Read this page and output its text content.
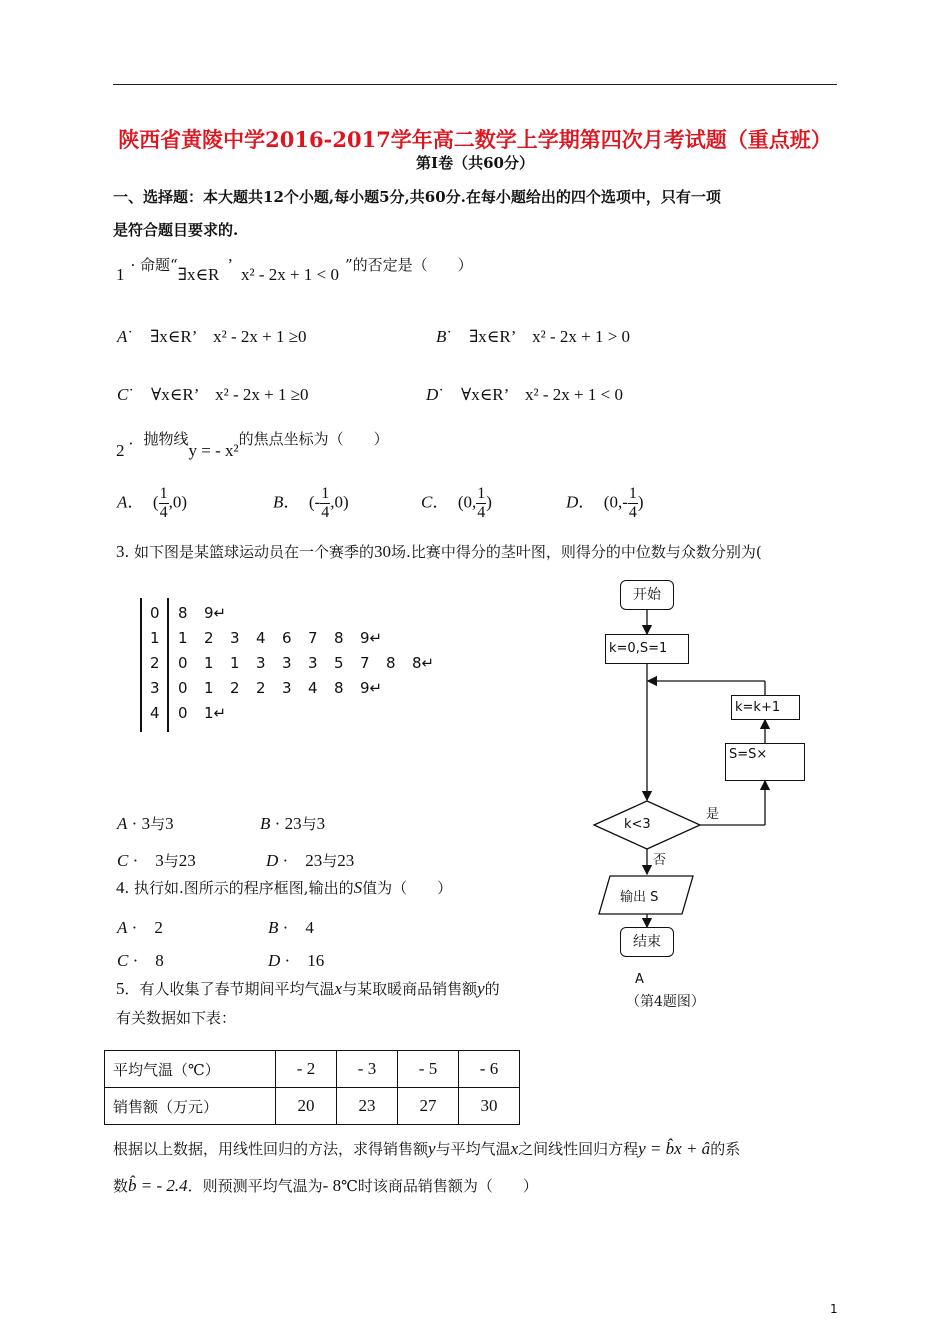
陕西省黄陵中学2016-2017学年高二数学上学期第四次月考试题（重点班）
第Ⅰ卷（共60分）
一、选择题：本大题共12个小题,每小题5分,共60分.在每小题给出的四个选项中，只有一项
是符合题目要求的.
1 · 命题“∃x∈R’x² - 2x + 1 < 0 ”的否定是（　　）
A˙　∃x∈R’　x² - 2x + 1 ≥0	B˙　∃x∈R’　x² - 2x + 1 > 0
C˙　∀x∈R’　x² - 2x + 1 ≥0	D˙　∀x∈R’　x² - 2x + 1 < 0
2．抛物线y = - x²的焦点坐标为（　　）
A．　( $\frac{1}{4} ,0$)	B．　(- $\frac{1}{4} ,0$)	C．　(0, $\frac{1}{4}$ )	D．　($0,- \frac{1}{4}$ )
3. 如下图是某篮球运动员在一个赛季的30场.比赛中得分的茎叶图，则得分的中位数与众数分别为(
0 8 9↵
1 1 2 3 4 6 7 8 9↵
2 0 1 1 3 3 3 5 7 8 8↵
3 0 1 2 2 3 4 8 9↵
4 0 1↵
A · 3与3	B · 23与3
C ·　3与23	D ·　23与23
4. 执行如.图所示的程序框图,输出的S值为（　　）
A ·　2	B ·　4
C ·　8	D ·　16
开始
k=0,S=1
k=k+1
S=S×
k<3
是
否
输出 S
结束
A
（第4题图）
5．有人收集了春节期间平均气温x与某取暖商品销售额y的
有关数据如下表：
平均气温（℃）	- 2	- 3	- 5	- 6
销售额（万元）	20	23	27	30
根据以上数据，用线性回归的方法，求得销售额y与平均气温x之间线性回归方程y = b̂x + â的系
数b̂ = - 2.4．则预测平均气温为- 8℃时该商品销售额为（　　）
1
